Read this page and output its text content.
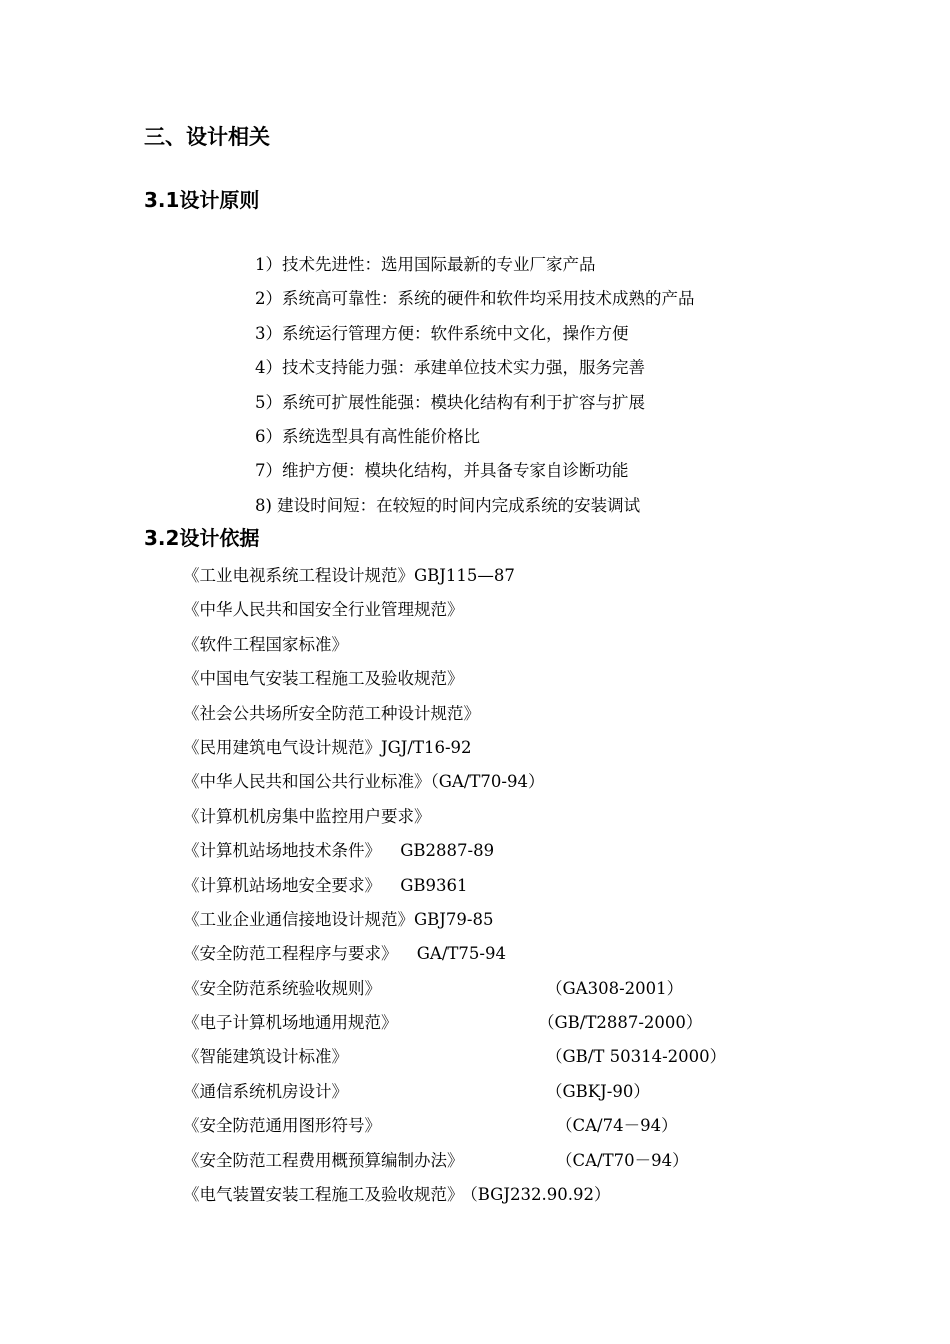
三、设计相关
3.1设计原则
1）技术先进性：选用国际最新的专业厂家产品
2）系统高可靠性：系统的硬件和软件均采用技术成熟的产品
3）系统运行管理方便：软件系统中文化，操作方便
4）技术支持能力强：承建单位技术实力强，服务完善
5）系统可扩展性能强：模块化结构有利于扩容与扩展
6）系统选型具有高性能价格比
7）维护方便：模块化结构，并具备专家自诊断功能
8) 建设时间短：在较短的时间内完成系统的安装调试
3.2设计依据
《工业电视系统工程设计规范》GBJ115—87
《中华人民共和国安全行业管理规范》
《软件工程国家标准》
《中国电气安装工程施工及验收规范》
《社会公共场所安全防范工种设计规范》
《民用建筑电气设计规范》JGJ/T16-92
《中华人民共和国公共行业标准》（GA/T70-94）
《计算机机房集中监控用户要求》
《计算机站场地技术条件》 GB2887-89
《计算机站场地安全要求》 GB9361
《工业企业通信接地设计规范》GBJ79-85
《安全防范工程程序与要求》 GA/T75-94
《安全防范系统验收规则》	（GA308-2001）
《电子计算机场地通用规范》	（GB/T2887-2000）
《智能建筑设计标准》	（GB/T 50314-2000）
《通信系统机房设计》	（GBKJ-90）
《安全防范通用图形符号》	（CA/74－94）
《安全防范工程费用概预算编制办法》	（CA/T70－94）
《电气装置安装工程施工及验收规范》 （BGJ232.90.92）
